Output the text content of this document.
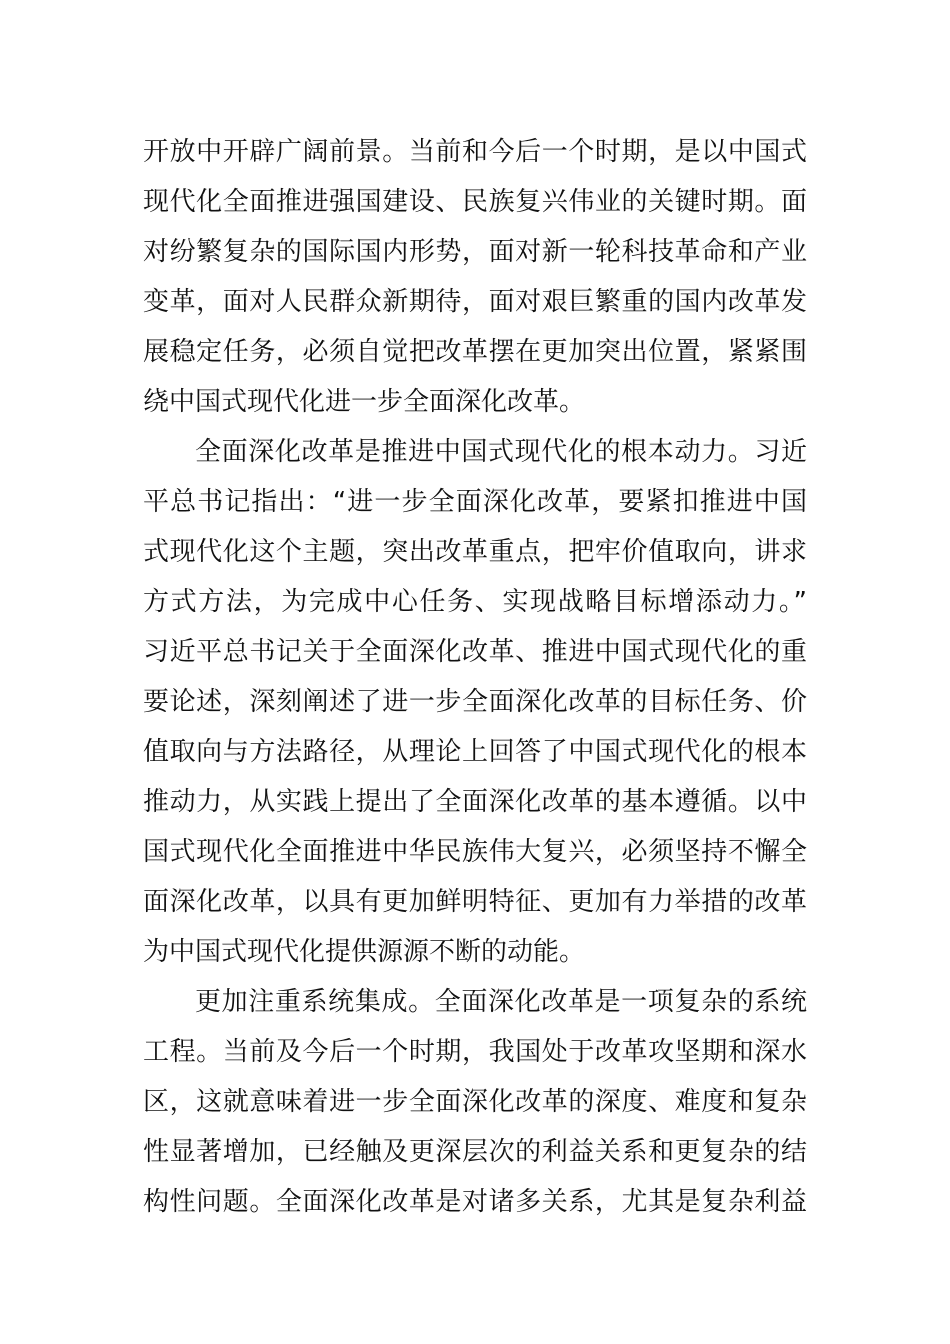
开放中开辟广阔前景。当前和今后一个时期，是以中国式
现代化全面推进强国建设、民族复兴伟业的关键时期。面
对纷繁复杂的国际国内形势，面对新一轮科技革命和产业
变革，面对人民群众新期待，面对艰巨繁重的国内改革发
展稳定任务，必须自觉把改革摆在更加突出位置，紧紧围
绕中国式现代化进一步全面深化改革。
全面深化改革是推进中国式现代化的根本动力。习近
平总书记指出：“进一步全面深化改革，要紧扣推进中国
式现代化这个主题，突出改革重点，把牢价值取向，讲求
方式方法，为完成中心任务、实现战略目标增添动力。”
习近平总书记关于全面深化改革、推进中国式现代化的重
要论述，深刻阐述了进一步全面深化改革的目标任务、价
值取向与方法路径，从理论上回答了中国式现代化的根本
推动力，从实践上提出了全面深化改革的基本遵循。以中
国式现代化全面推进中华民族伟大复兴，必须坚持不懈全
面深化改革，以具有更加鲜明特征、更加有力举措的改革
为中国式现代化提供源源不断的动能。
更加注重系统集成。全面深化改革是一项复杂的系统
工程。当前及今后一个时期，我国处于改革攻坚期和深水
区，这就意味着进一步全面深化改革的深度、难度和复杂
性显著增加，已经触及更深层次的利益关系和更复杂的结
构性问题。全面深化改革是对诸多关系，尤其是复杂利益
